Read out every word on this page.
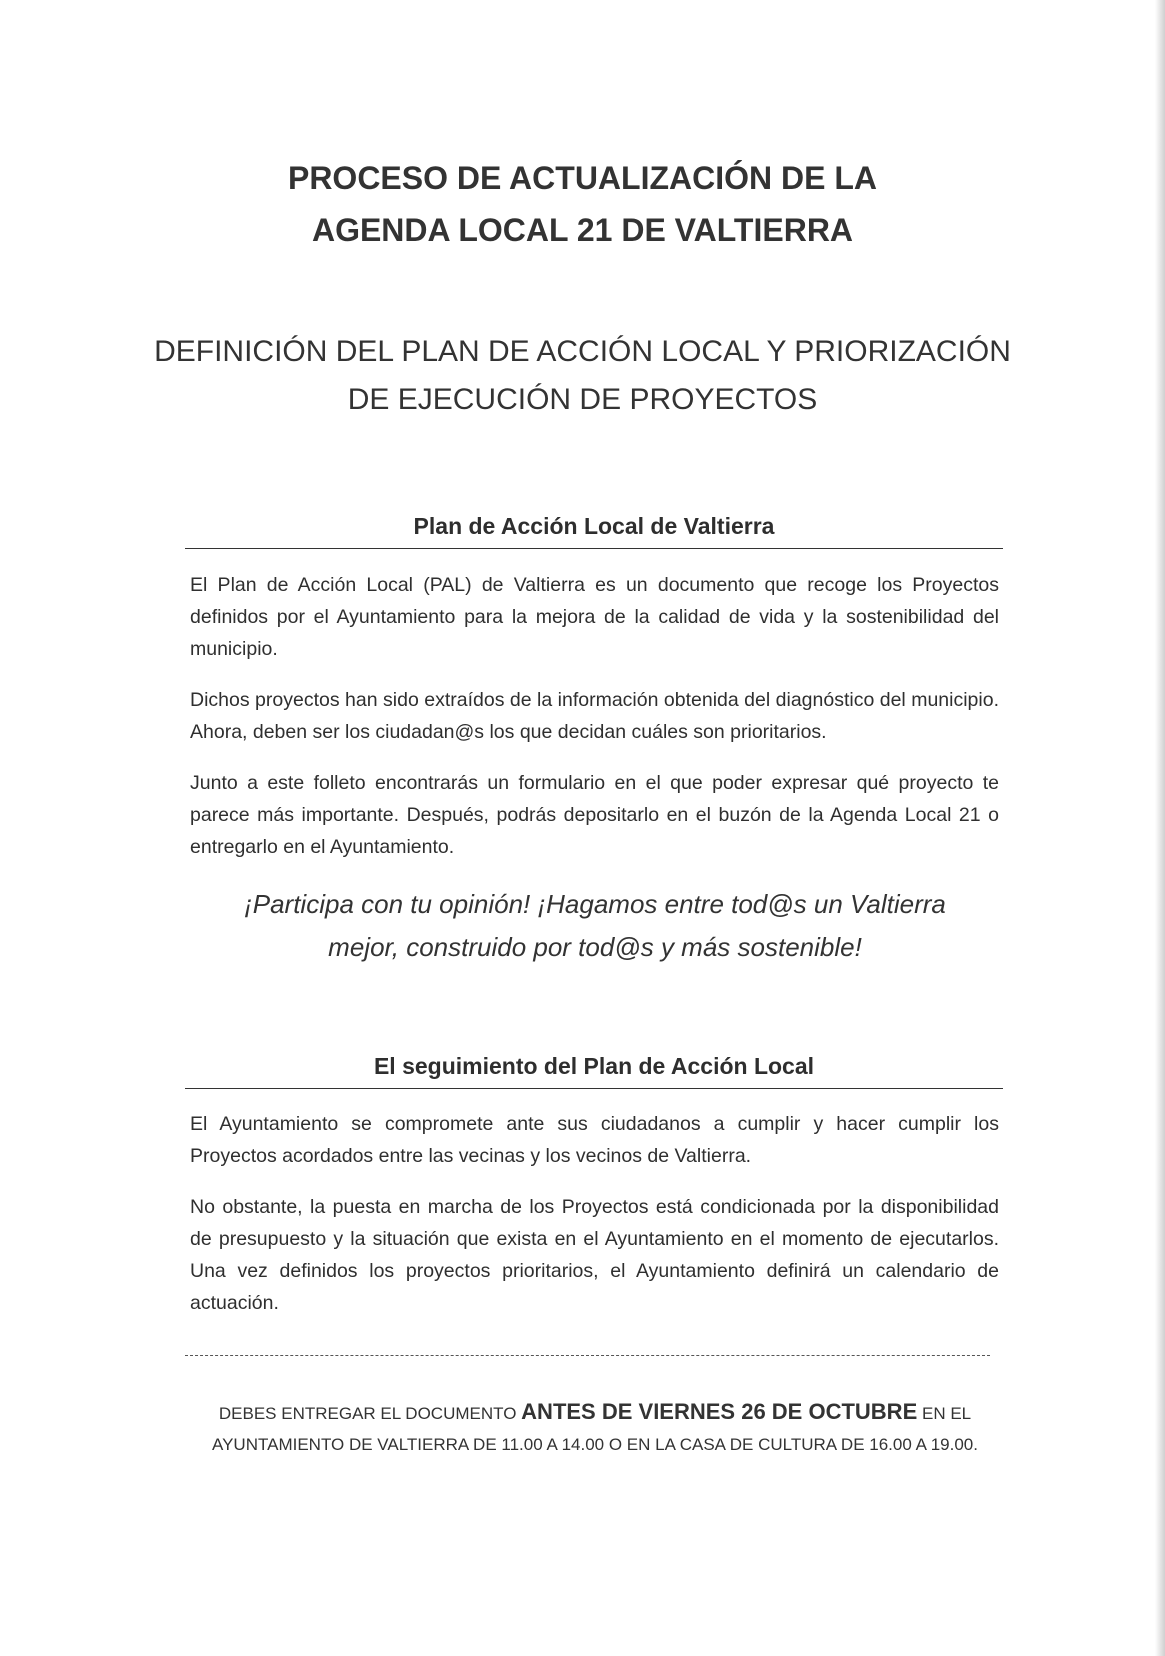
PROCESO DE ACTUALIZACIÓN DE LA
AGENDA LOCAL 21 DE VALTIERRA
DEFINICIÓN DEL PLAN DE ACCIÓN LOCAL Y PRIORIZACIÓN
DE EJECUCIÓN DE PROYECTOS
Plan de Acción Local de Valtierra
El Plan de Acción Local (PAL) de Valtierra es un documento que recoge los Proyectos definidos por el Ayuntamiento para la mejora de la calidad de vida y la sostenibilidad del municipio.
Dichos proyectos han sido extraídos de la información obtenida del diagnóstico del municipio. Ahora, deben ser los ciudadan@s los que decidan cuáles son prioritarios.
Junto a este folleto encontrarás un formulario en el que poder expresar qué proyecto te parece más importante. Después, podrás depositarlo en el buzón de la Agenda Local 21 o entregarlo en el Ayuntamiento.
¡Participa con tu opinión! ¡Hagamos entre tod@s un Valtierra
mejor, construido por tod@s y más sostenible!
El seguimiento del Plan de Acción Local
El Ayuntamiento se compromete ante sus ciudadanos a cumplir y hacer cumplir los Proyectos acordados entre las vecinas y los vecinos de Valtierra.
No obstante, la puesta en marcha de los Proyectos está condicionada por la disponibilidad de presupuesto y la situación que exista en el Ayuntamiento en el momento de ejecutarlos. Una vez definidos los proyectos prioritarios, el Ayuntamiento definirá un calendario de actuación.
DEBES ENTREGAR EL DOCUMENTO ANTES DE VIERNES 26 DE OCTUBRE EN EL
AYUNTAMIENTO DE VALTIERRA DE 11.00 A 14.00 O EN LA CASA DE CULTURA DE 16.00 A 19.00.
